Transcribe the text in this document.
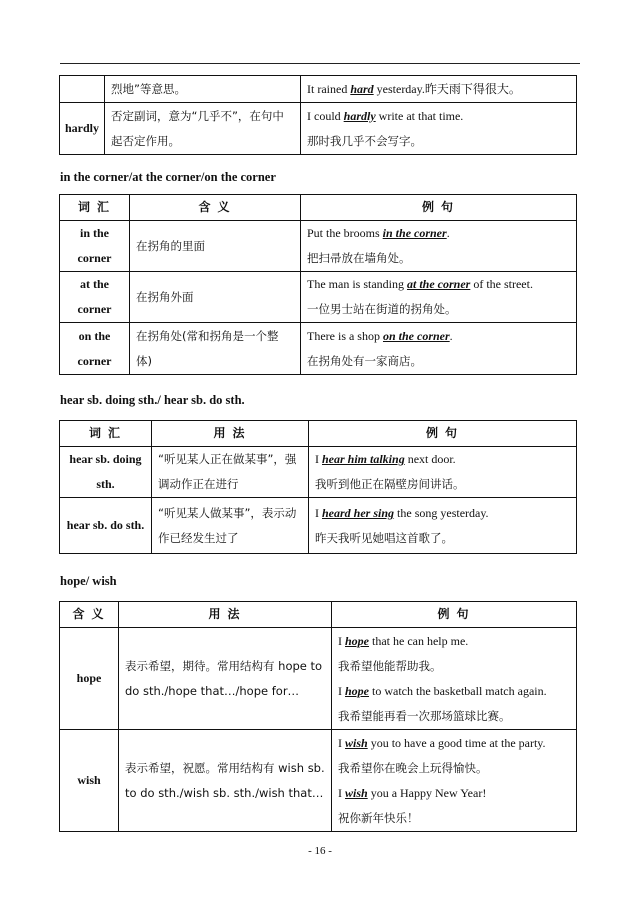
	烈地”等意思。	It rained hard yesterday.昨天雨下得很大。

hardly	否定副词，意为“几乎不”，在句中起否定作用。	I could hardly write at that time.
那时我几乎不会写字。
in the corner/at the corner/on the corner
词 汇	含 义	例 句
in the corner	在拐角的里面	Put the brooms in the corner.
把扫帚放在墙角处。

at the corner	在拐角外面	The man is standing at the corner of the street.
一位男士站在街道的拐角处。

on the corner	在拐角处(常和拐角是一个整体)	There is a shop on the corner.
在拐角处有一家商店。
hear sb. doing sth./ hear sb. do sth.
词 汇	用 法	例 句
hear sb. doing sth.	“听见某人正在做某事”，强调动作正在进行	I hear him talking next door.
我听到他正在隔壁房间讲话。

hear sb. do sth.	“听见某人做某事”，表示动作已经发生过了	I heard her sing the song yesterday.
昨天我听见她唱这首歌了。
hope/ wish
含 义	用 法	例 句
hope	表示希望，期待。常用结构有 hope to do sth./hope that…/hope for…	I hope that he can help me.
我希望他能帮助我。
I hope to watch the basketball match again.
我希望能再看一次那场篮球比赛。

wish	表示希望，祝愿。常用结构有 wish sb. to do sth./wish sb. sth./wish that…	I wish you to have a good time at the party.
我希望你在晚会上玩得愉快。
I wish you a Happy New Year!
祝你新年快乐！
- 16 -
